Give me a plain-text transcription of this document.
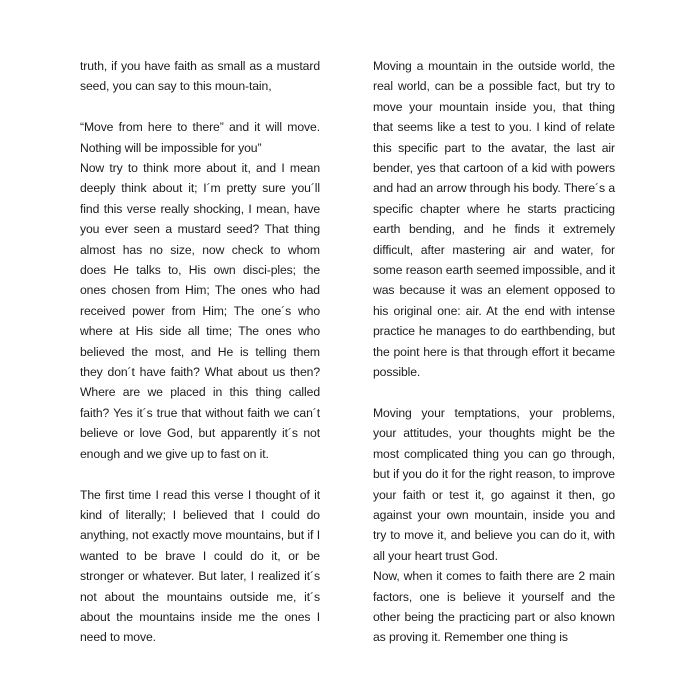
truth, if you have faith as small as a mustard seed, you can say to this moun-tain,

“Move from here to there” and it will move. Nothing will be impossible for you”

Now try to think more about it, and I mean deeply think about it; I´m pretty sure you´ll find this verse really shocking, I mean, have you ever seen a mustard seed? That thing almost has no size, now check to whom does He talks to, His own disci-ples; the ones chosen from Him; The ones who had received power from Him; The one´s who where at His side all time; The ones who believed the most, and He is telling them they don´t have faith? What about us then? Where are we placed in this thing called faith? Yes it´s true that without faith we can´t believe or love God, but apparently it´s not enough and we give up to fast on it.

The first time I read this verse I thought of it kind of literally; I believed that I could do anything, not exactly move mountains, but if I wanted to be brave I could do it, or be stronger or whatever. But later, I realized it´s not about the mountains outside me, it´s about the mountains inside me the ones I need to move.

Moving a mountain in the outside world, the real world, can be a possible fact, but try to move your mountain inside you, that thing that seems like a test to you. I kind of relate this specific part to the avatar, the last air bender, yes that cartoon of a kid with powers and had an arrow through his body. There´s a specific chapter where he starts practicing earth bending, and he finds it extremely difficult, after mastering air and water, for some reason earth seemed impossible, and it was because it was an element opposed to his original one: air. At the end with intense practice he manages to do earthbending, but the point here is that through effort it became possible.

Moving your temptations, your problems, your attitudes, your thoughts might be the most complicated thing you can go through, but if you do it for the right reason, to improve your faith or test it, go against it then, go against your own mountain, inside you and try to move it, and believe you can do it, with all your heart trust God.

Now, when it comes to faith there are 2 main factors, one is believe it yourself and the other being the practicing part or also known as proving it. Remember one thing is
